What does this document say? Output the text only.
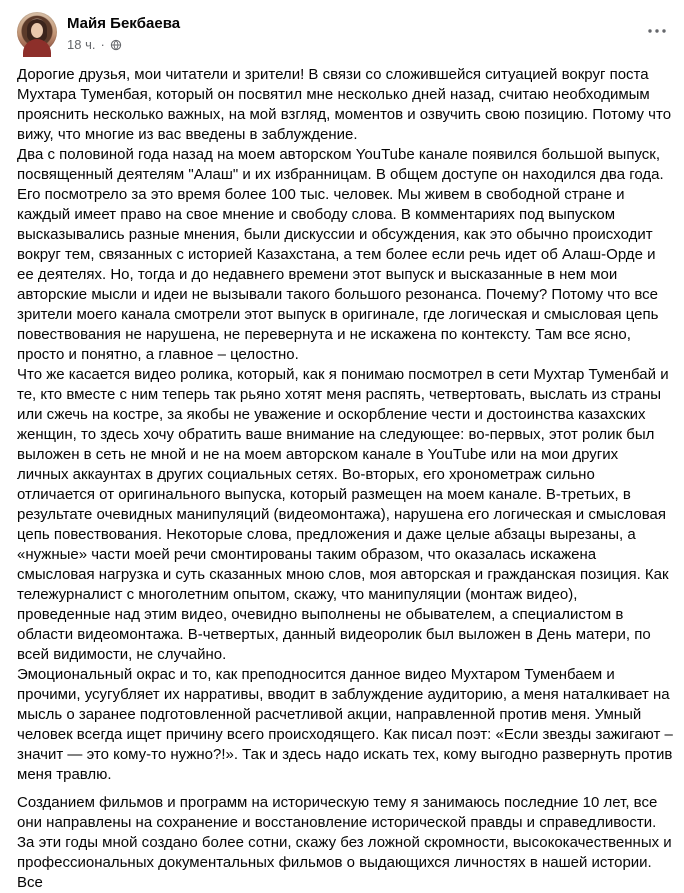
Майя Бекбаева
18 ч. ·

Дорогие друзья, мои читатели и зрители! В связи со сложившейся ситуацией вокруг поста Мухтара Туменбая, который он посвятил мне несколько дней назад, считаю необходимым прояснить несколько важных, на мой взгляд, моментов и озвучить свою позицию. Потому что вижу, что многие из вас введены в заблуждение.

Два с половиной года назад на моем авторском YouTube канале появился большой выпуск, посвященный деятелям "Алаш" и их избранницам. В общем доступе он находился два года. Его посмотрело за это время более 100 тыс. человек. Мы живем в свободной стране и каждый имеет право на свое мнение и свободу слова. В комментариях под выпуском высказывались разные мнения, были дискуссии и обсуждения, как это обычно происходит вокруг тем, связанных с историей Казахстана, а тем более если речь идет об Алаш-Орде и ее деятелях. Но, тогда и до недавнего времени этот выпуск и высказанные в нем мои авторские мысли и идеи не вызывали такого большого резонанса. Почему? Потому что все зрители моего канала смотрели этот выпуск в оригинале, где логическая и смысловая цепь повествования не нарушена, не перевернута и не искажена по контексту. Там все ясно, просто и понятно, а главное – целостно.

Что же касается видео ролика, который, как я понимаю посмотрел в сети Мухтар Туменбай и те, кто вместе с ним теперь так рьяно хотят меня распять, четвертовать, выслать из страны или сжечь на костре, за якобы не уважение и оскорбление чести и достоинства казахских женщин, то здесь хочу обратить ваше внимание на следующее: во-первых, этот ролик был выложен в сеть не мной и не на моем авторском канале в YouTube или на мои других личных аккаунтах в других социальных сетях. Во-вторых, его хронометраж сильно отличается от оригинального выпуска, который размещен на моем канале. В-третьих, в результате очевидных манипуляций (видеомонтажа), нарушена его логическая и смысловая цепь повествования. Некоторые слова, предложения и даже целые абзацы вырезаны, а «нужные» части моей речи смонтированы таким образом, что оказалась искажена смысловая нагрузка и суть сказанных мною слов, моя авторская и гражданская позиция. Как тележурналист с многолетним опытом, скажу, что манипуляции (монтаж видео), проведенные над этим видео, очевидно выполнены не обывателем, а специалистом в области видеомонтажа. В-четвертых, данный видеоролик был выложен в День матери, по всей видимости, не случайно.

Эмоциональный окрас и то, как преподносится данное видео Мухтаром Туменбаем и прочими, усугубляет их нарративы, вводит в заблуждение аудиторию, а меня наталкивает на мысль о заранее подготовленной расчетливой акции, направленной против меня. Умный человек всегда ищет причину всего происходящего. Как писал поэт: «Если звезды зажигают – значит — это кому-то нужно?!». Так и здесь надо искать тех, кому выгодно развернуть против меня травлю.

Созданием фильмов и программ на историческую тему я занимаюсь последние 10 лет, все они направлены на сохранение и восстановление исторической правды и справедливости. За эти годы мной создано более сотни, скажу без ложной скромности, высококачественных и профессиональных документальных фильмов о выдающихся личностях в нашей истории. Все
